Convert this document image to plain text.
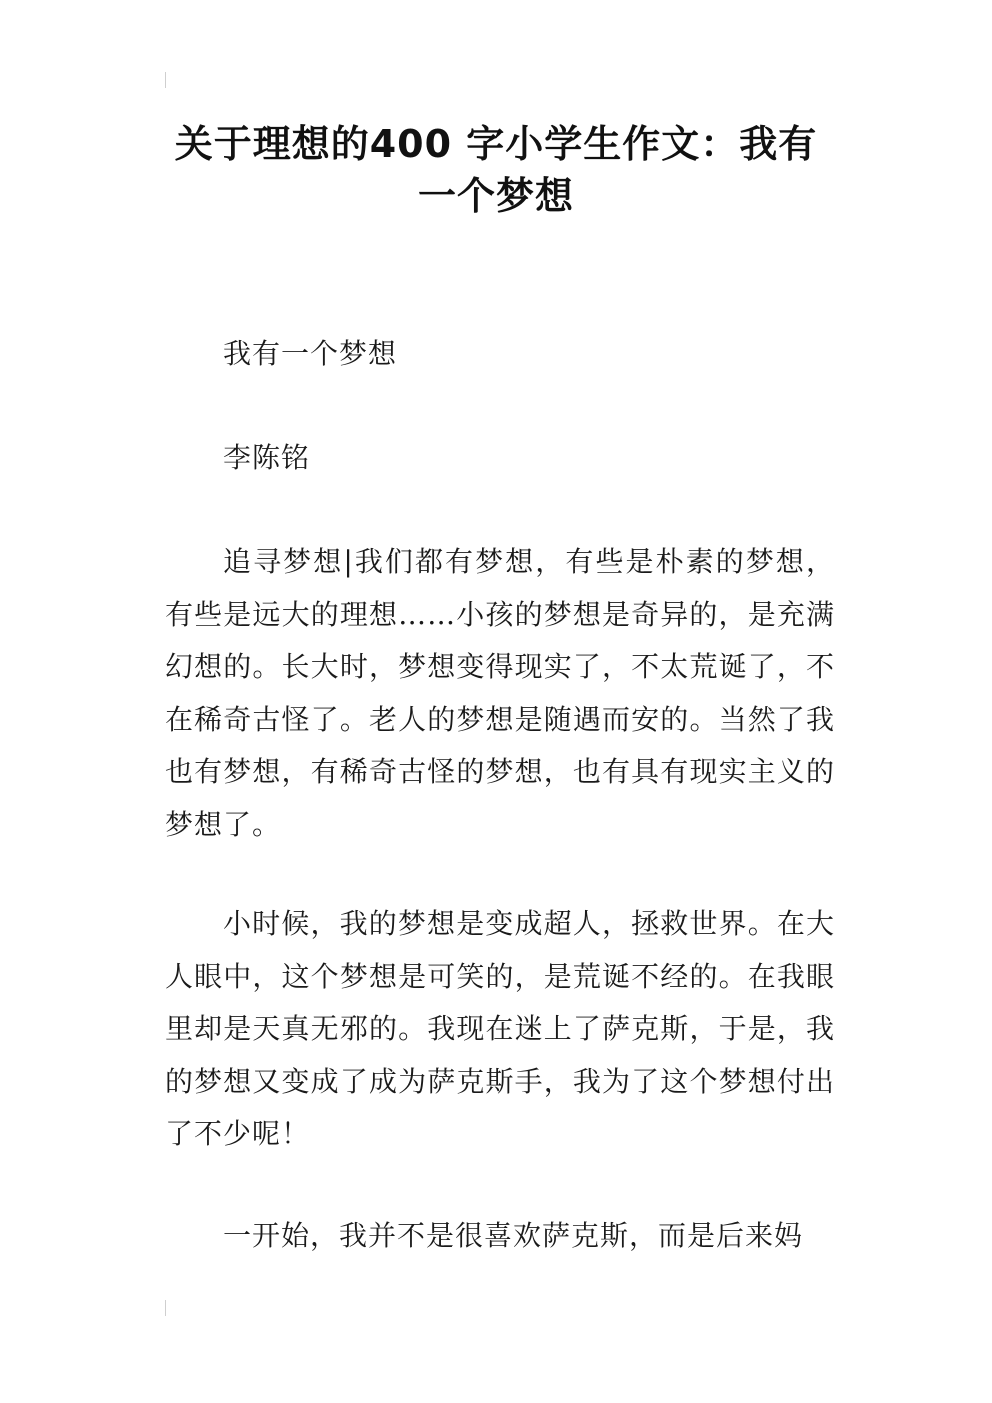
关于理想的400 字小学生作文：我有一个梦想

我有一个梦想

李陈铭

追寻梦想|我们都有梦想，有些是朴素的梦想，有些是远大的理想……小孩的梦想是奇异的，是充满幻想的。长大时，梦想变得现实了，不太荒诞了，不在稀奇古怪了。老人的梦想是随遇而安的。当然了我也有梦想，有稀奇古怪的梦想，也有具有现实主义的梦想了。

小时候，我的梦想是变成超人，拯救世界。在大人眼中，这个梦想是可笑的，是荒诞不经的。在我眼里却是天真无邪的。我现在迷上了萨克斯，于是，我的梦想又变成了成为萨克斯手，我为了这个梦想付出了不少呢！

一开始，我并不是很喜欢萨克斯，而是后来妈
